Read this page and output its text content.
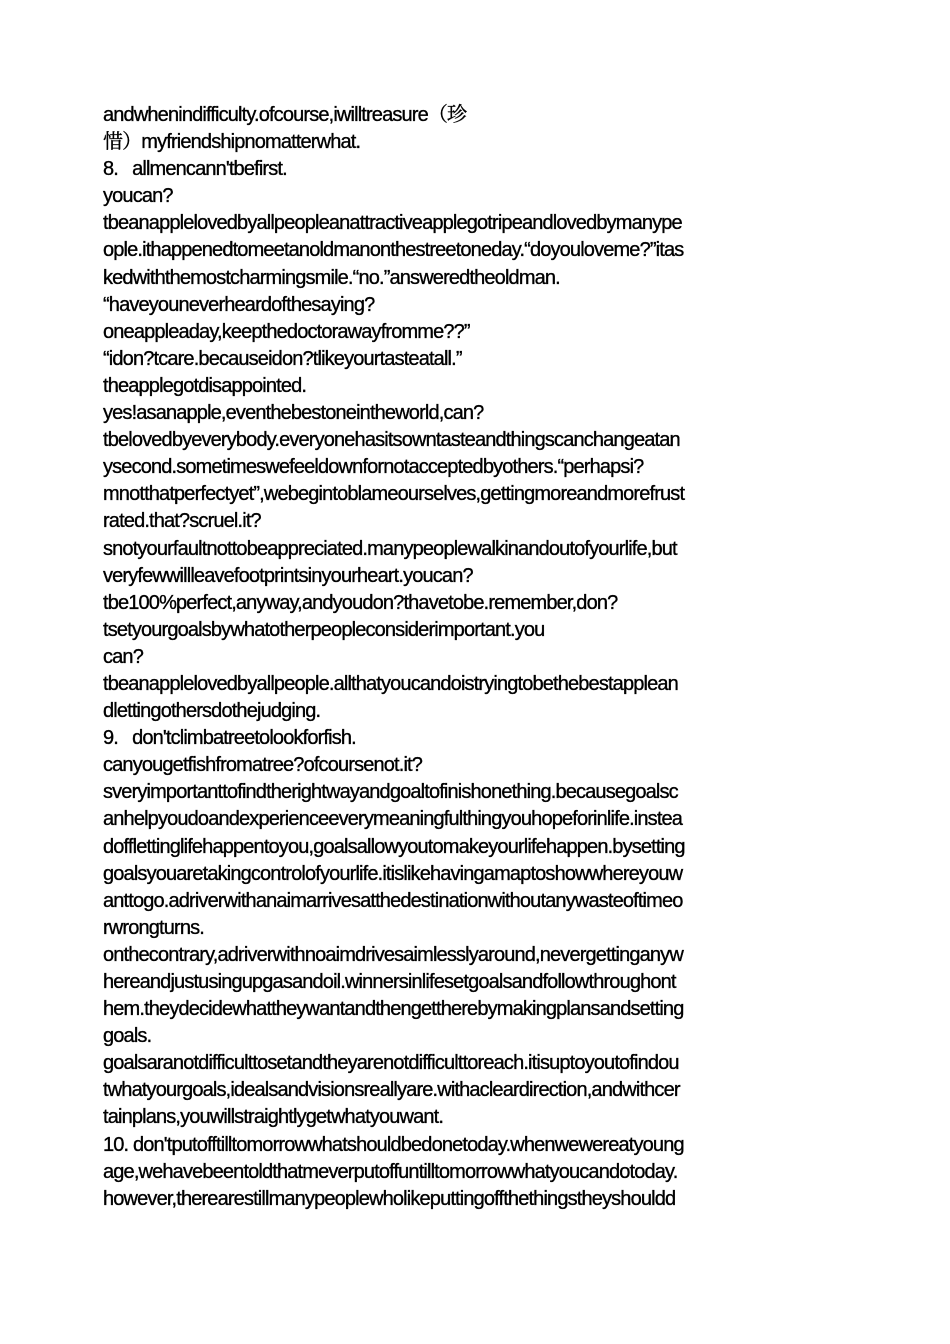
andwhenindifficulty.ofcourse,iwilltreasure（珍
惜）myfriendshipnomatterwhat.
8.   allmencann'tbefirst.
youcan?
tbeanapplelovedbyallpeopleanattractiveapplegotripeandlovedbymanype
ople.ithappenedtomeetanoldmanonthestreetoneday.“doyouloveme?”itas
kedwiththemostcharmingsmile.“no.”answeredtheoldman.
“haveyouneverheardofthesaying?
oneappleaday,keepthedoctorawayfromme??”
“idon?tcare.becauseidon?tlikeyourtasteatall.”
theapplegotdisappointed.
yes!asanapple,eventhebestoneintheworld,can?
tbelovedbyeverybody.everyonehasitsowntasteandthingscanchangeatan
ysecond.sometimeswefeeldownfornotacceptedbyothers.“perhapsi?
mnotthatperfectyet”,webegintoblameourselves,gettingmoreandmorefrust
rated.that?scruel.it?
snotyourfaultnottobeappreciated.manypeoplewalkinandoutofyourlife,but
veryfewwillleavefootprintsinyourheart.youcan?
tbe100%perfect,anyway,andyoudon?thavetobe.remember,don?
tsetyourgoalsbywhatotherpeopleconsiderimportant.you
can?
tbeanapplelovedbyallpeople.allthatyoucandoistryingtobethebestapplean
dlettingothersdothejudging.
9.   don'tclimbatreetolookforfish.
canyougetfishfromatree?ofcoursenot.it?
sveryimportanttofindtherightwayandgoaltofinishonething.becausegoalsc
anhelpyoudoandexperienceeverymeaningfulthingyouhopeforinlife.instea
dofflettinglifehappentoyou,goalsallowyoutomakeyourlifehappen.bysetting
goalsyouaretakingcontrolofyourlife.itislikehavingamaptoshowwhereyouw
anttogo.adriverwithanaimarrivesatthedestinationwithoutanywasteoftimeo
rwrongturns.
onthecontrary,adriverwithnoaimdrivesaimlesslyaround,nevergettinganyw
hereandjustusingupgasandoil.winnersinlifesetgoalsandfollowthroughont
hem.theydecidewhattheywantandthengettherebymakingplansandsetting
goals.
goalsaranotdifficulttosetandtheyarenotdifficulttoreach.itisuptoyoutofindou
twhatyourgoals,idealsandvisionsreallyare.withacleardirection,andwithcer
tainplans,youwillstraightlygetwhatyouwant.
10. don'tputofftilltomorrowwhatshouldbedonetoday.whenwewereatyoung
age,wehavebeentoldthatmeverputoffuntilltomorrowwhatyoucandotoday.
however,therearestillmanypeoplewholikeputtingoffthethingstheyshouldd
